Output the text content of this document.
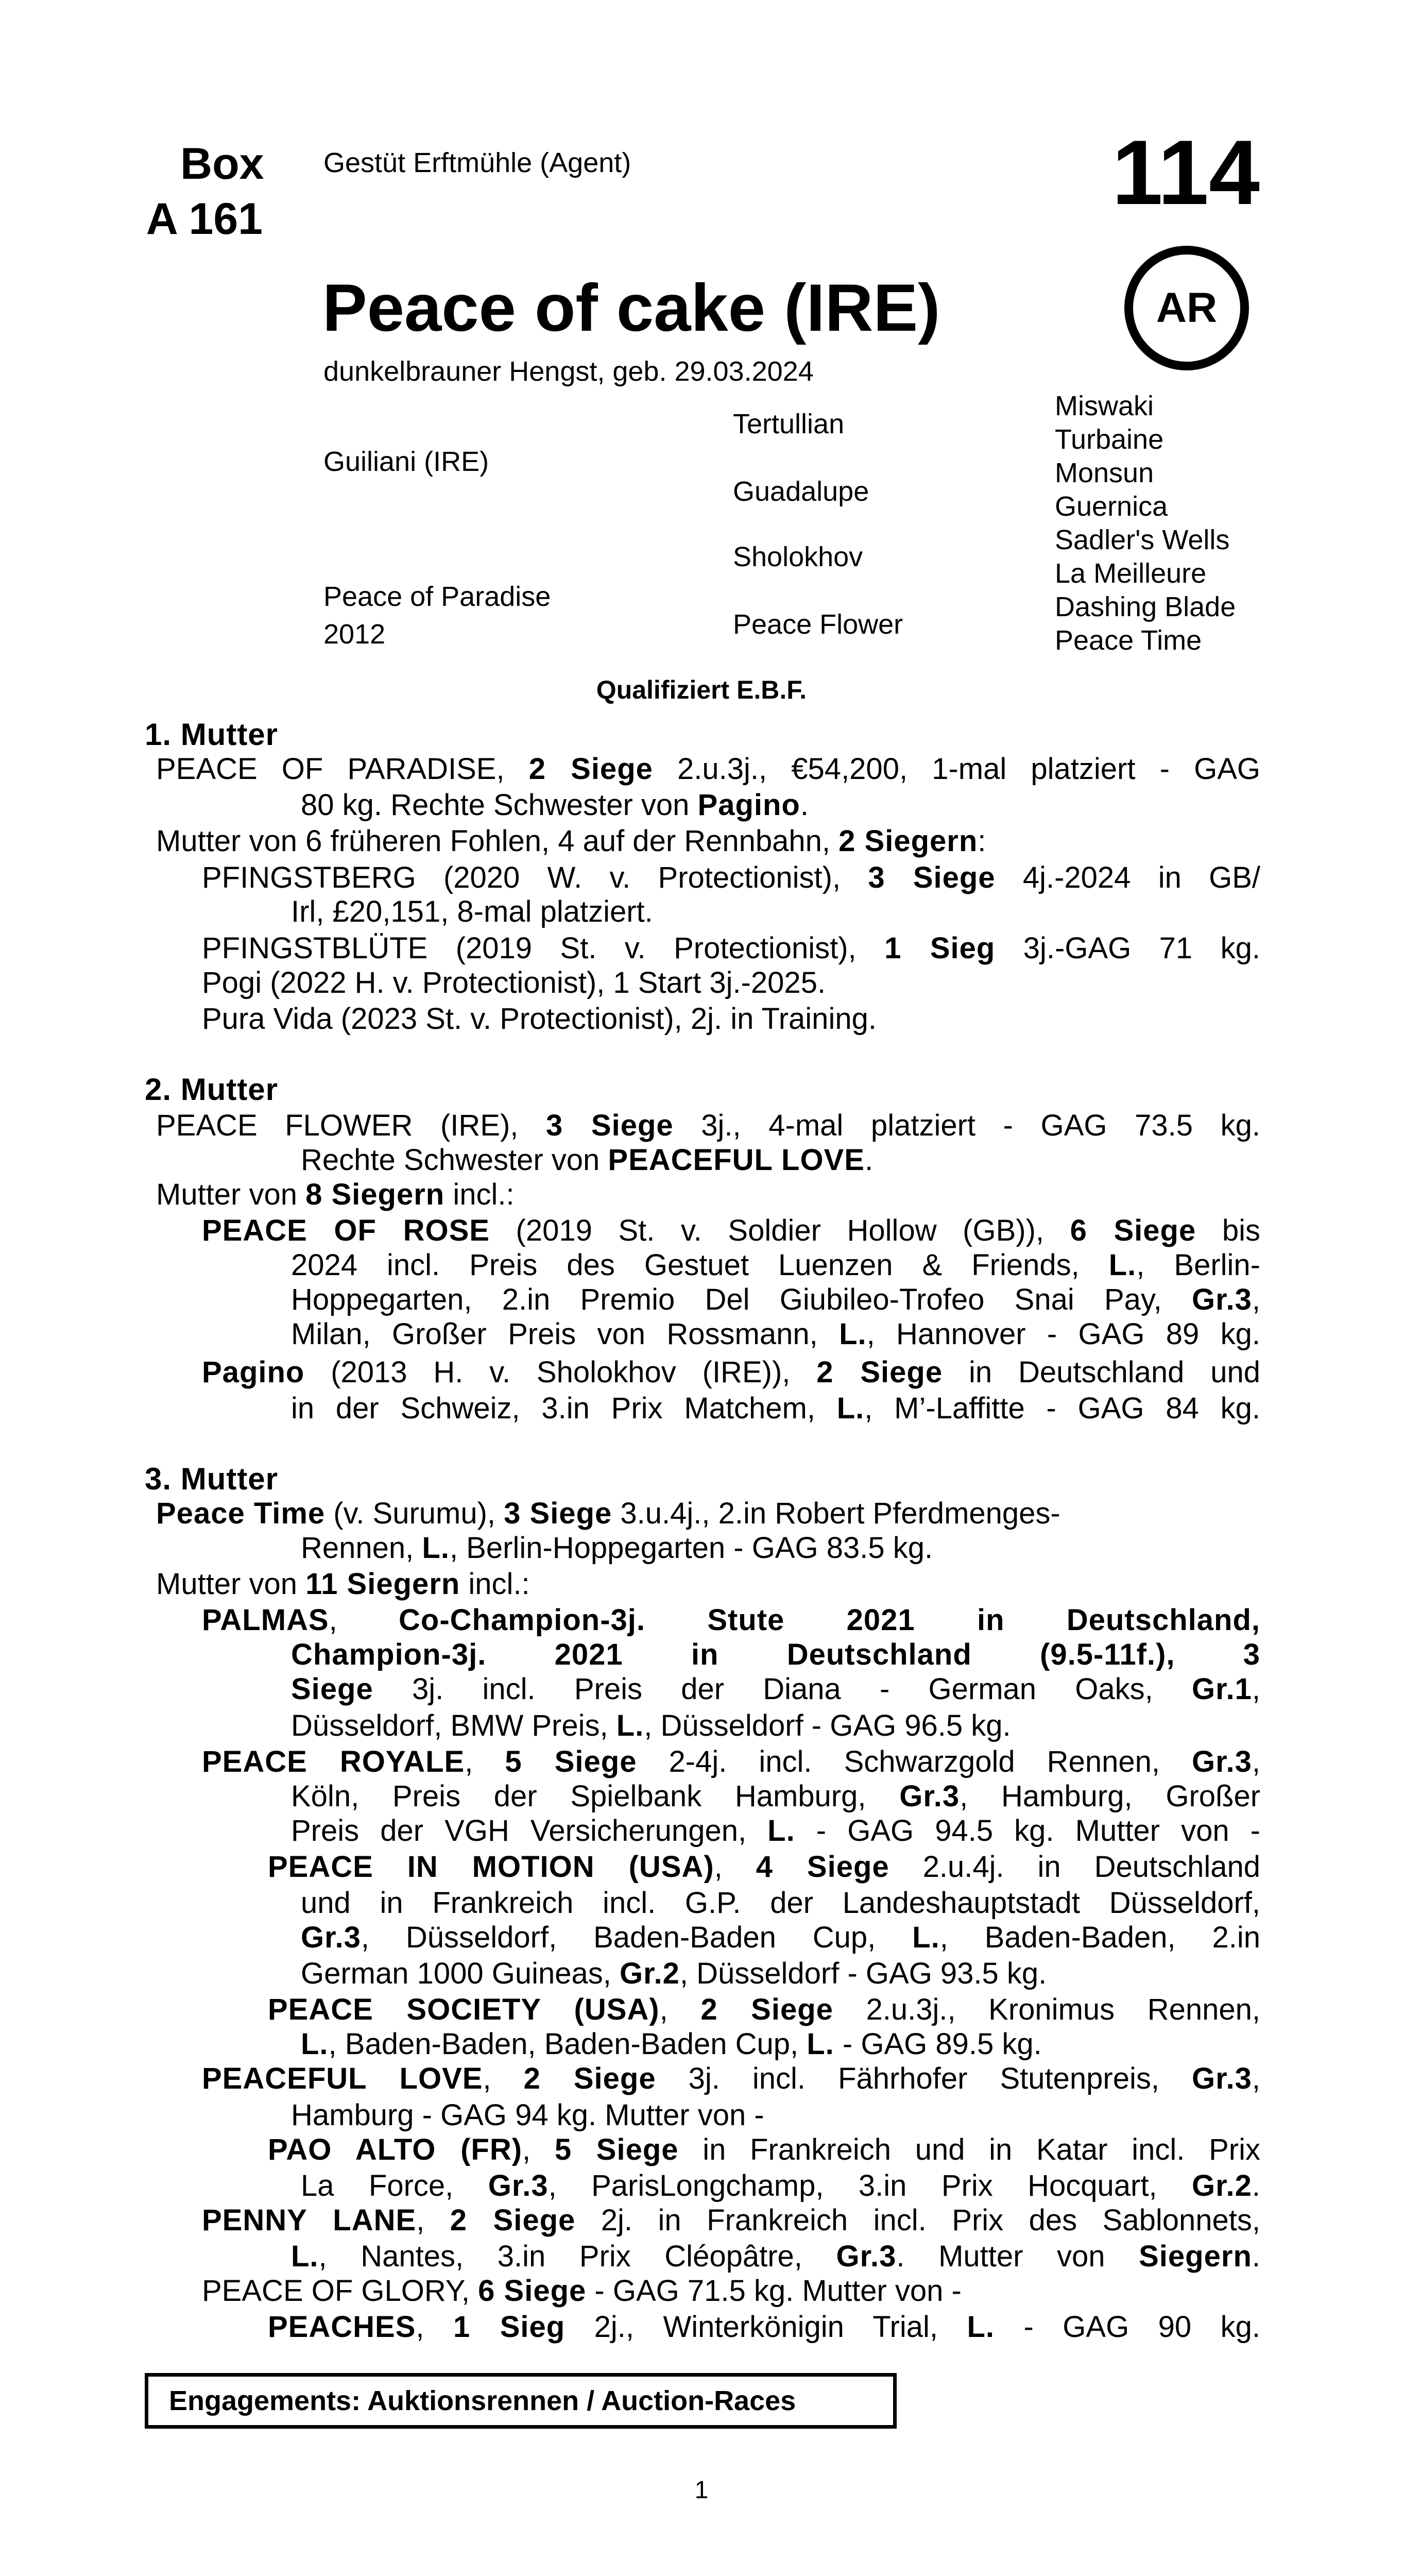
Box
A 161
Gestüt Erftmühle (Agent)	114
AR
Peace of cake (IRE)
dunkelbrauner Hengst, geb. 29.03.2024
Guiliani (IRE)
Peace of Paradise
2012
Tertullian
Guadalupe
Sholokhov
Peace Flower
Miswaki
Turbaine
Monsun
Guernica
Sadler's Wells
La Meilleure
Dashing Blade
Peace Time
Qualifiziert E.B.F.
1. Mutter
PEACE OF PARADISE, 2 Siege 2.u.3j., €54,200, 1-mal platziert - GAG
80 kg. Rechte Schwester von Pagino.
Mutter von 6 früheren Fohlen, 4 auf der Rennbahn, 2 Siegern:
PFINGSTBERG (2020 W. v. Protectionist), 3 Siege 4j.-2024 in GB/
Irl, £20,151, 8-mal platziert.
PFINGSTBLÜTE (2019 St. v. Protectionist), 1 Sieg 3j.-GAG 71 kg.
Pogi (2022 H. v. Protectionist), 1 Start 3j.-2025.
Pura Vida (2023 St. v. Protectionist), 2j. in Training.
2. Mutter
PEACE FLOWER (IRE), 3 Siege 3j., 4-mal platziert - GAG 73.5 kg.
Rechte Schwester von PEACEFUL LOVE.
Mutter von 8 Siegern incl.:
PEACE OF ROSE (2019 St. v. Soldier Hollow (GB)), 6 Siege bis
2024 incl. Preis des Gestuet Luenzen & Friends, L., Berlin-
Hoppegarten, 2.in Premio Del Giubileo-Trofeo Snai Pay, Gr.3,
Milan, Großer Preis von Rossmann, L., Hannover - GAG 89 kg.
Pagino (2013 H. v. Sholokhov (IRE)), 2 Siege in Deutschland und
in der Schweiz, 3.in Prix Matchem, L., M’-Laffitte - GAG 84 kg.
3. Mutter
Peace Time (v. Surumu), 3 Siege 3.u.4j., 2.in Robert Pferdmenges-
Rennen, L., Berlin-Hoppegarten - GAG 83.5 kg.
Mutter von 11 Siegern incl.:
PALMAS, Co-Champion-3j. Stute 2021 in Deutschland,
Champion-3j. 2021 in Deutschland (9.5-11f.), 3
Siege 3j. incl. Preis der Diana - German Oaks, Gr.1,
Düsseldorf, BMW Preis, L., Düsseldorf - GAG 96.5 kg.
PEACE ROYALE, 5 Siege 2-4j. incl. Schwarzgold Rennen, Gr.3,
Köln, Preis der Spielbank Hamburg, Gr.3, Hamburg, Großer
Preis der VGH Versicherungen, L. - GAG 94.5 kg. Mutter von -
PEACE IN MOTION (USA), 4 Siege 2.u.4j. in Deutschland
und in Frankreich incl. G.P. der Landeshauptstadt Düsseldorf,
Gr.3, Düsseldorf, Baden-Baden Cup, L., Baden-Baden, 2.in
German 1000 Guineas, Gr.2, Düsseldorf - GAG 93.5 kg.
PEACE SOCIETY (USA), 2 Siege 2.u.3j., Kronimus Rennen,
L., Baden-Baden, Baden-Baden Cup, L. - GAG 89.5 kg.
PEACEFUL LOVE, 2 Siege 3j. incl. Fährhofer Stutenpreis, Gr.3,
Hamburg - GAG 94 kg. Mutter von -
PAO ALTO (FR), 5 Siege in Frankreich und in Katar incl. Prix
La Force, Gr.3, ParisLongchamp, 3.in Prix Hocquart, Gr.2.
PENNY LANE, 2 Siege 2j. in Frankreich incl. Prix des Sablonnets,
L., Nantes, 3.in Prix Cléopâtre, Gr.3. Mutter von Siegern.
PEACE OF GLORY, 6 Siege - GAG 71.5 kg. Mutter von -
PEACHES, 1 Sieg 2j., Winterkönigin Trial, L. - GAG 90 kg.
Engagements: Auktionsrennen / Auction-Races
1
